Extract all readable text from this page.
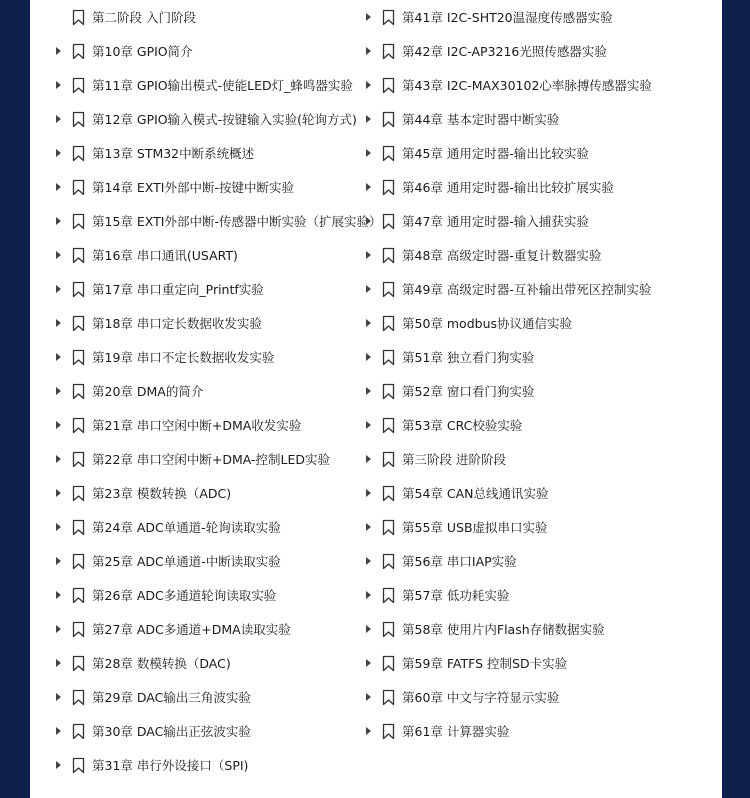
第二阶段 入门阶段
第10章 GPIO简介
第11章 GPIO输出模式-使能LED灯_蜂鸣器实验
第12章 GPIO输入模式-按键输入实验(轮询方式)
第13章 STM32中断系统概述
第14章 EXTI外部中断-按键中断实验
第15章 EXTI外部中断-传感器中断实验（扩展实验）
第16章 串口通讯(USART)
第17章 串口重定向_Printf实验
第18章 串口定长数据收发实验
第19章 串口不定长数据收发实验
第20章 DMA的简介
第21章 串口空闲中断+DMA收发实验
第22章 串口空闲中断+DMA-控制LED实验
第23章 模数转换（ADC)
第24章 ADC单通道-轮询读取实验
第25章 ADC单通道-中断读取实验
第26章 ADC多通道轮询读取实验
第27章 ADC多通道+DMA读取实验
第28章 数模转换（DAC)
第29章 DAC输出三角波实验
第30章 DAC输出正弦波实验
第31章 串行外设接口（SPI)
第41章 I2C-SHT20温湿度传感器实验
第42章 I2C-AP3216光照传感器实验
第43章 I2C-MAX30102心率脉搏传感器实验
第44章 基本定时器中断实验
第45章 通用定时器-输出比较实验
第46章 通用定时器-输出比较扩展实验
第47章 通用定时器-输入捕获实验
第48章 高级定时器-重复计数器实验
第49章 高级定时器-互补输出带死区控制实验
第50章 modbus协议通信实验
第51章 独立看门狗实验
第52章 窗口看门狗实验
第53章 CRC校验实验
第三阶段 进阶阶段
第54章 CAN总线通讯实验
第55章 USB虚拟串口实验
第56章 串口IAP实验
第57章 低功耗实验
第58章 使用片内Flash存储数据实验
第59章 FATFS 控制SD卡实验
第60章 中文与字符显示实验
第61章 计算器实验
